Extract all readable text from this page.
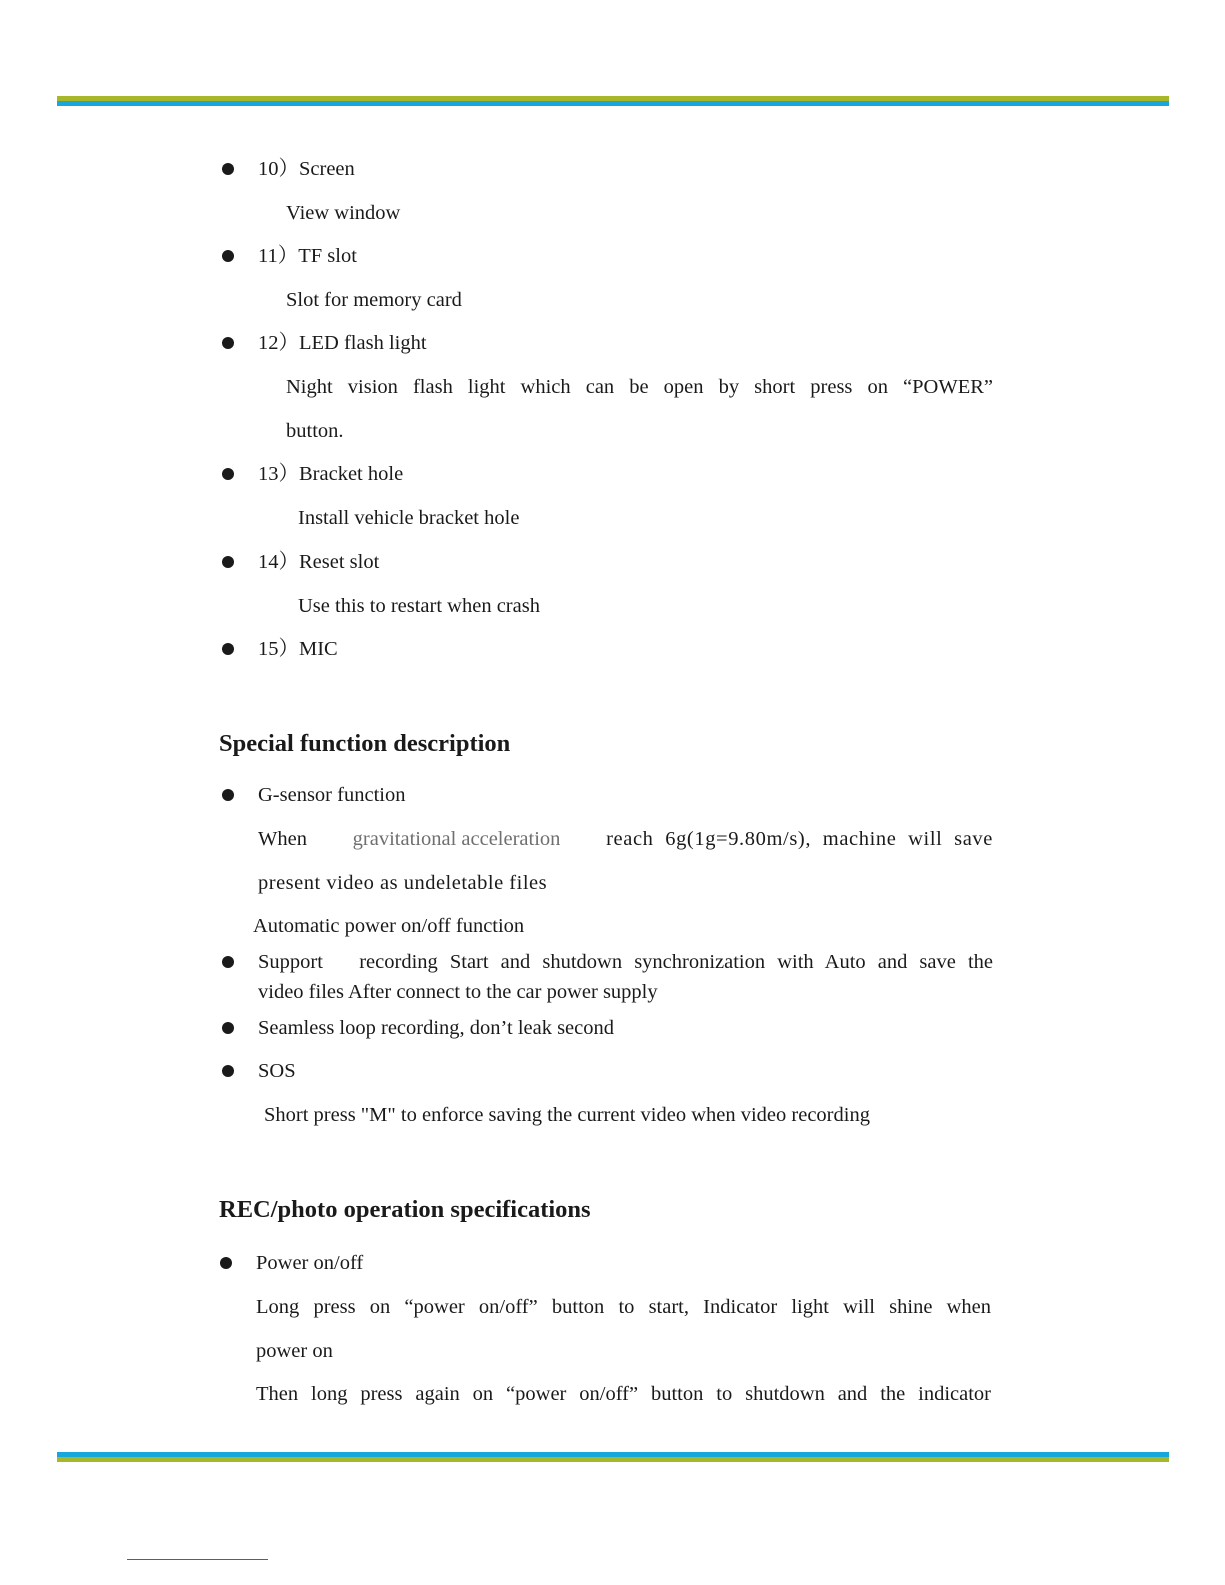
10）Screen
View window
11）TF slot
Slot for memory card
12）LED flash light
Night vision flash light which can be open by short press on “POWER”
button.
13）Bracket hole
Install vehicle bracket hole
14）Reset slot
Use this to restart when crash
15）MIC
Special function description
G-sensor function
When gravitational acceleration reach 6g(1g=9.80m/s), machine will save
present video as undeletable files
Automatic power on/off function
Support   recording Start and shutdown synchronization with Auto and save the
video files After connect to the car power supply
Seamless loop recording, don’t leak second
SOS
Short press "M" to enforce saving the current video when video recording
REC/photo operation specifications
Power on/off
Long press on “power on/off” button to start, Indicator light will shine when
power on
Then long press again on “power on/off” button to shutdown and the indicator
